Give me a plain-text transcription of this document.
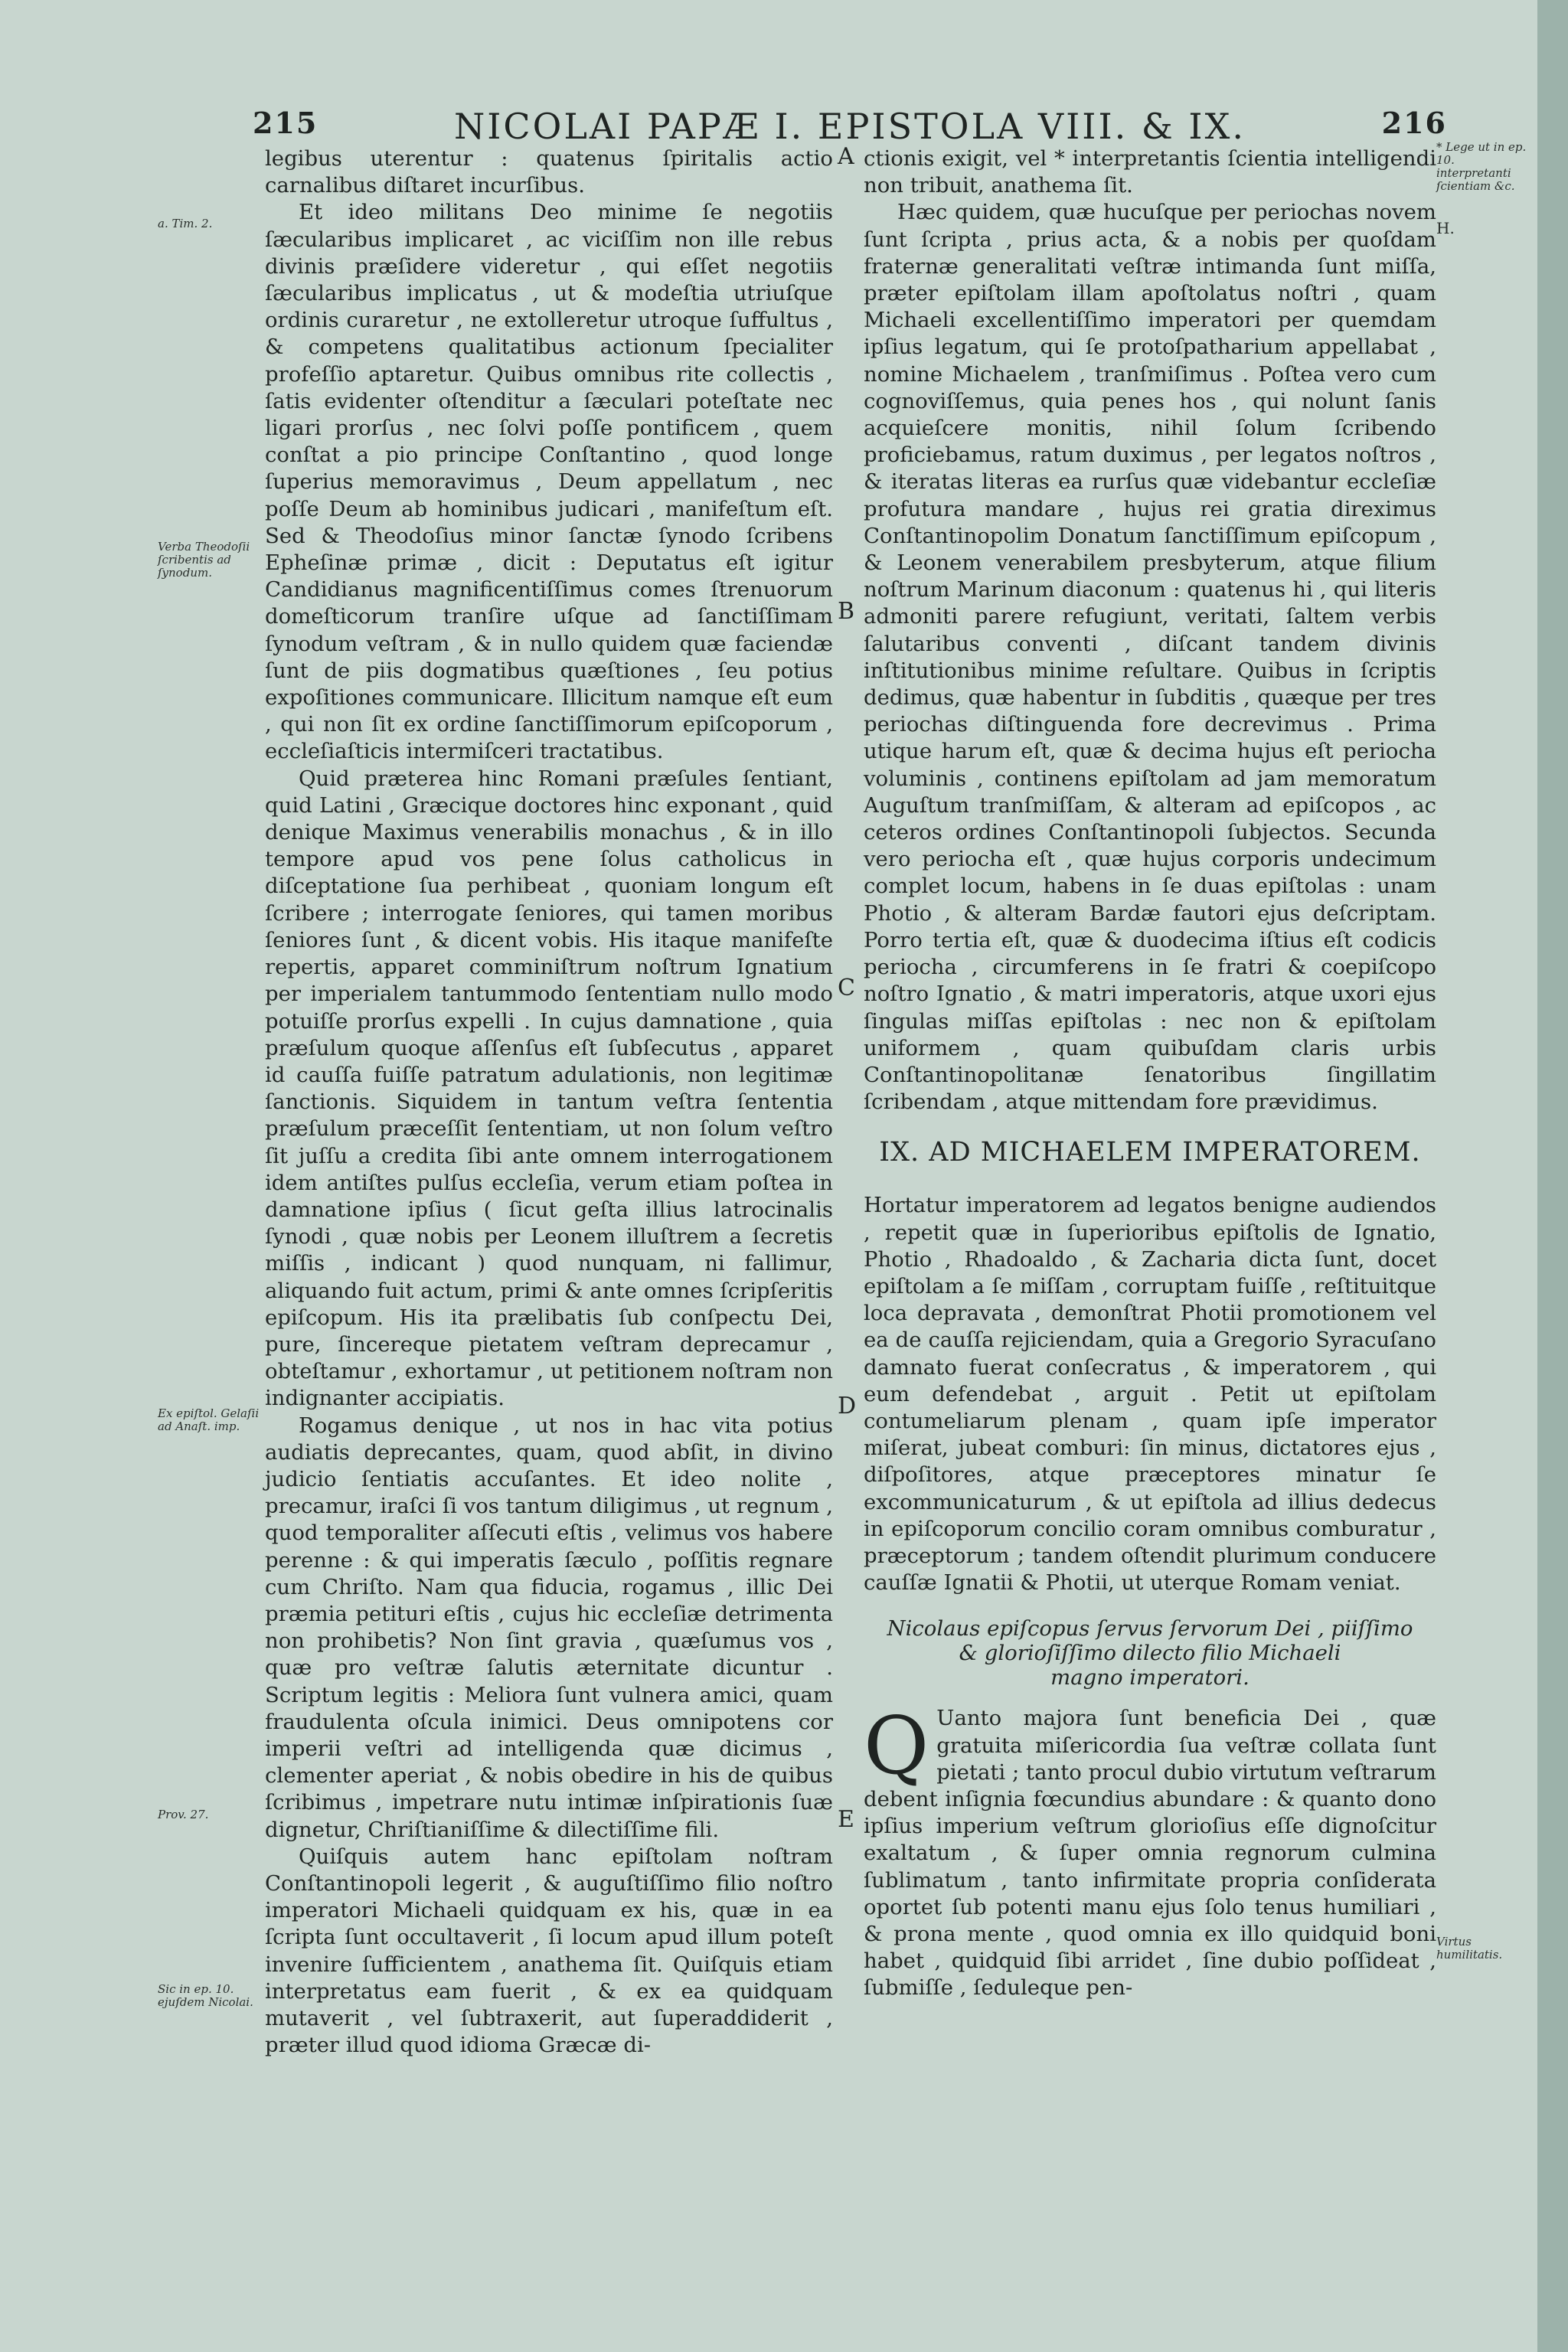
215	NICOLAI PAPÆ I. EPISTOLA VIII. & IX.	216

legibus uterentur : quatenus ſpiritalis actio carnalibus diſtaret incurſibus.

Et ideo militans Deo minime ſe negotiis ſæcularibus implicaret , ac viciſſim non ille rebus divinis præſidere videretur , qui eſſet negotiis ſæcularibus implicatus , ut & modeſtia utriuſque ordinis curaretur , ne extolleretur utroque ſuffultus , & competens qualitatibus actionum ſpecialiter profeſſio aptaretur. Quibus omnibus rite collectis , ſatis evidenter oſtenditur a ſæculari poteſtate nec ligari prorſus , nec ſolvi poſſe pontificem , quem conſtat a pio principe Conſtantino , quod longe ſuperius memoravimus , Deum appellatum , nec poſſe Deum ab hominibus judicari , manifeſtum eſt. Sed & Theodoſius minor ſanctæ ſynodo ſcribens Epheſinæ primæ , dicit : Deputatus eſt igitur Candidianus magnificentiſſimus comes ſtrenuorum domeſticorum tranſire uſque ad ſanctiſſimam ſynodum veſtram , & in nullo quidem quæ faciendæ ſunt de piis dogmatibus quæſtiones , ſeu potius expoſitiones communicare. Illicitum namque eſt eum , qui non ſit ex ordine ſanctiſſimorum epiſcoporum , eccleſiaſticis intermiſceri tractatibus.

Quid præterea hinc Romani præſules ſentiant, quid Latini , Græcique doctores hinc exponant , quid denique Maximus venerabilis monachus , & in illo tempore apud vos pene ſolus catholicus in diſceptatione ſua perhibeat , quoniam longum eſt ſcribere ; interrogate ſeniores, qui tamen moribus ſeniores ſunt , & dicent vobis. His itaque manifeſte repertis, apparet comminiſtrum noſtrum Ignatium per imperialem tantummodo ſententiam nullo modo potuiſſe prorſus expelli . In cujus damnatione , quia præſulum quoque aſſenſus eſt ſubſecutus , apparet id cauſſa fuiſſe patratum adulationis, non legitimæ ſanctionis. Siquidem in tantum veſtra ſententia præſulum præceſſit ſententiam, ut non ſolum veſtro ſit juſſu a credita ſibi ante omnem interrogationem idem antiſtes pulſus eccleſia, verum etiam poſtea in damnatione ipſius ( ſicut geſta illius latrocinalis ſynodi , quæ nobis per Leonem illuſtrem a ſecretis miſſis , indicant ) quod nunquam, ni fallimur, aliquando fuit actum, primi & ante omnes ſcripſeritis epiſcopum. His ita prælibatis ſub conſpectu Dei, pure, ſincereque pietatem veſtram deprecamur , obteſtamur , exhortamur , ut petitionem noſtram non indignanter accipiatis.

Rogamus denique , ut nos in hac vita potius audiatis deprecantes, quam, quod abſit, in divino judicio ſentiatis accuſantes. Et ideo nolite , precamur, iraſci ſi vos tantum diligimus , ut regnum , quod temporaliter aſſecuti eſtis , velimus vos habere perenne : & qui imperatis ſæculo , poſſitis regnare cum Chriſto. Nam qua fiducia, rogamus , illic Dei præmia petituri eſtis , cujus hic eccleſiæ detrimenta non prohibetis? Non ſint gravia , quæſumus vos , quæ pro veſtræ ſalutis æternitate dicuntur . Scriptum legitis : Meliora ſunt vulnera amici, quam fraudulenta oſcula inimici. Deus omnipotens cor imperii veſtri ad intelligenda quæ dicimus , clementer aperiat , & nobis obedire in his de quibus ſcribimus , impetrare nutu intimæ inſpirationis ſuæ dignetur, Chriſtianiſſime & dilectiſſime fili.

Quiſquis autem hanc epiſtolam noſtram Conſtantinopoli legerit , & auguſtiſſimo filio noſtro imperatori Michaeli quidquam ex his, quæ in ea ſcripta ſunt occultaverit , ſi locum apud illum poteſt invenire ſufficientem , anathema ſit. Quiſquis etiam interpretatus eam fuerit , & ex ea quidquam mutaverit , vel ſubtraxerit, aut ſuperaddiderit , præter illud quod idioma Græcæ di-

ctionis exigit, vel * interpretantis ſcientia intelligendi non tribuit, anathema ſit.

Hæc quidem, quæ hucuſque per periochas novem ſunt ſcripta , prius acta, & a nobis per quoſdam fraternæ generalitati veſtræ intimanda ſunt miſſa, præter epiſtolam illam apoſtolatus noſtri , quam Michaeli excellentiſſimo imperatori per quemdam ipſius legatum, qui ſe protoſpatharium appellabat , nomine Michaelem , tranſmiſimus . Poſtea vero cum cognoviſſemus, quia penes hos , qui nolunt ſanis acquieſcere monitis, nihil ſolum ſcribendo proficiebamus, ratum duximus , per legatos noſtros , & iteratas literas ea rurſus quæ videbantur eccleſiæ profutura mandare , hujus rei gratia direximus Conſtantinopolim Donatum ſanctiſſimum epiſcopum , & Leonem venerabilem presbyterum, atque filium noſtrum Marinum diaconum : quatenus hi , qui literis admoniti parere refugiunt, veritati, ſaltem verbis ſalutaribus conventi , diſcant tandem divinis inſtitutionibus minime reſultare. Quibus in ſcriptis dedimus, quæ habentur in ſubditis , quæque per tres periochas diſtinguenda fore decrevimus . Prima utique harum eſt, quæ & decima hujus eſt periocha voluminis , continens epiſtolam ad jam memoratum Auguſtum tranſmiſſam, & alteram ad epiſcopos , ac ceteros ordines Conſtantinopoli ſubjectos. Secunda vero periocha eſt , quæ hujus corporis undecimum complet locum, habens in ſe duas epiſtolas : unam Photio , & alteram Bardæ fautori ejus deſcriptam. Porro tertia eſt, quæ & duodecima iſtius eſt codicis periocha , circumferens in ſe fratri & coepiſcopo noſtro Ignatio , & matri imperatoris, atque uxori ejus ſingulas miſſas epiſtolas : nec non & epiſtolam uniformem , quam quibuſdam claris urbis Conſtantinopolitanæ ſenatoribus ſingillatim ſcribendam , atque mittendam fore prævidimus.

IX. AD MICHAELEM IMPERATOREM.

Hortatur imperatorem ad legatos benigne audiendos , repetit quæ in ſuperioribus epiſtolis de Ignatio, Photio , Rhadoaldo , & Zacharia dicta ſunt, docet epiſtolam a ſe miſſam , corruptam fuiſſe , reſtituitque loca depravata , demonſtrat Photii promotionem vel ea de cauſſa rejiciendam, quia a Gregorio Syracuſano damnato fuerat conſecratus , & imperatorem , qui eum defendebat , arguit . Petit ut epiſtolam contumeliarum plenam , quam ipſe imperator miſerat, jubeat comburi: ſin minus, dictatores ejus , diſpoſitores, atque præceptores minatur ſe excommunicaturum , & ut epiſtola ad illius dedecus in epiſcoporum concilio coram omnibus comburatur , præceptorum ; tandem oſtendit plurimum conducere cauſſæ Ignatii & Photii, ut uterque Romam veniat.

Nicolaus epiſcopus ſervus ſervorum Dei , piiſſimo
& glorioſiſſimo dilecto filio Michaeli
magno imperatori.

Q Uanto majora ſunt beneficia Dei , quæ gratuita miſericordia ſua veſtræ collata ſunt pietati ; tanto procul dubio virtutum veſtrarum debent inſignia fœcundius abundare : & quanto dono ipſius imperium veſtrum glorioſius eſſe dignoſcitur exaltatum , & ſuper omnia regnorum culmina ſublimatum , tanto infirmitate propria conſiderata oportet ſub potenti manu ejus ſolo tenus humiliari , & prona mente , quod omnia ex illo quidquid boni habet , quidquid ſibi arridet , ſine dubio poſſideat , ſubmiſſe , ſeduleque pen-

a. Tim. 2.
Verba Theodoſii ſcribentis ad ſynodum.
Ex epiſtol. Gelaſii ad Anaſt. imp.
Prov. 27.
Sic in ep. 10. ejuſdem Nicolai.
* Lege ut in ep. 10. interpretanti ſcientiam &c.
H.
Virtus humilitatis.
A
B
C
D
E
